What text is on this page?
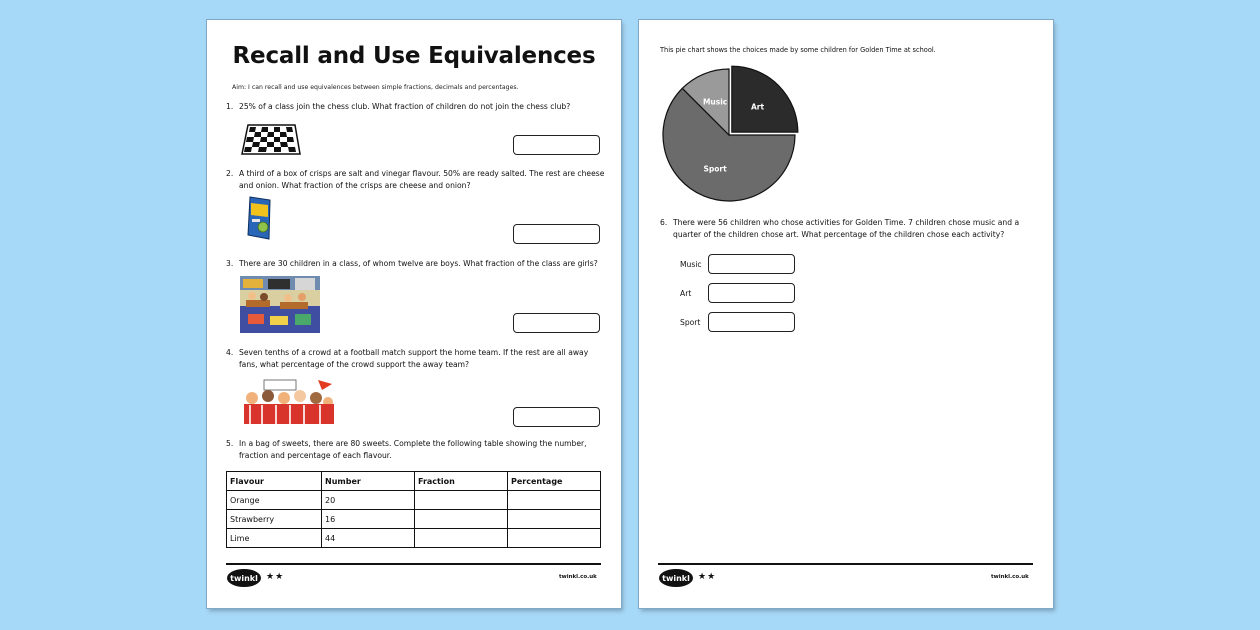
Recall and Use Equivalences
Aim: I can recall and use equivalences between simple fractions, decimals and percentages.
1. 25% of a class join the chess club. What fraction of children do not join the chess club?
2. A third of a box of crisps are salt and vinegar flavour. 50% are ready salted. The rest are cheese and onion. What fraction of the crisps are cheese and onion?
3. There are 30 children in a class, of whom twelve are boys. What fraction of the class are girls?
4. Seven tenths of a crowd at a football match support the home team. If the rest are all away fans, what percentage of the crowd support the away team?
5. In a bag of sweets, there are 80 sweets. Complete the following table showing the number, fraction and percentage of each flavour.
Flavour	Number	Fraction	Percentage
Orange	20		
Strawberry	16		
Lime	44		
twinkl ★★	twinkl.co.uk
This pie chart shows the choices made by some children for Golden Time at school.
Art
Sport
Music
6. There were 56 children who chose activities for Golden Time. 7 children chose music and a quarter of the children chose art. What percentage of the children chose each activity?
Music
Art
Sport
twinkl ★★	twinkl.co.uk
